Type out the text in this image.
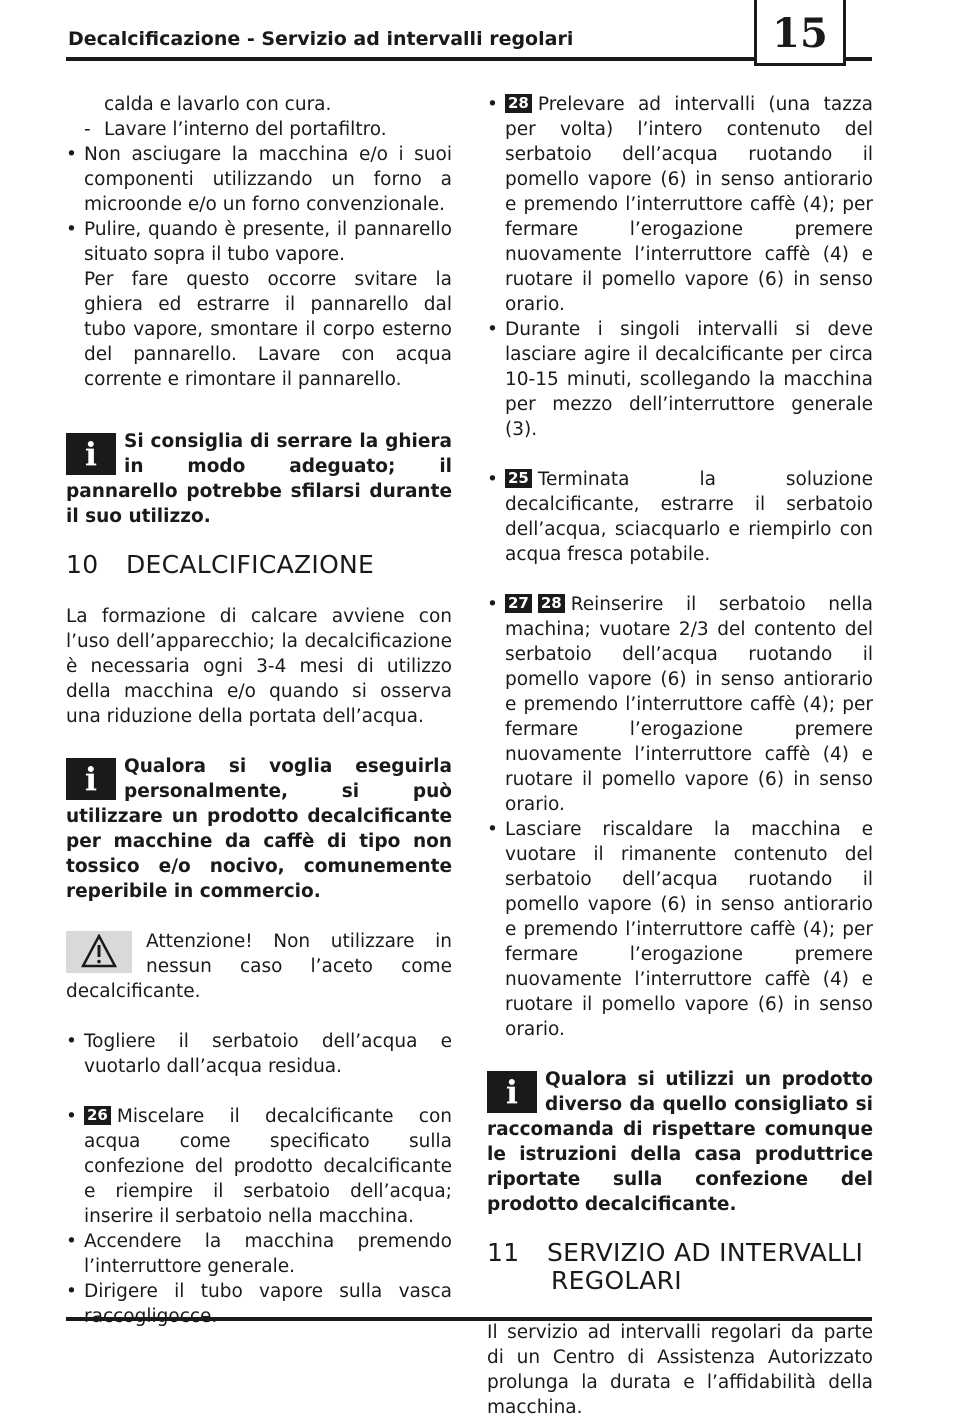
Decalcificazione - Servizio ad intervalli regolari	15

calda e lavarlo con cura.

- Lavare l’interno del portafiltro.

• Non asciugare la macchina e/o i suoi componenti utilizzando un forno a microonde e/o un forno convenzionale.

• Pulire, quando è presente, il pannarello situato sopra il tubo vapore.

Per fare questo occorre svitare la ghiera ed estrarre il pannarello dal tubo vapore, smontare il corpo esterno del pannarello. Lavare con acqua corrente e rimontare il pannarello.

i	Si consiglia di serrare la ghiera in modo adeguato; il pannarello potrebbe sfilarsi durante il suo utilizzo.

10 DECALCIFICAZIONE

La formazione di calcare avviene con l’uso dell’apparecchio; la decalcificazione è necessaria ogni 3-4 mesi di utilizzo della macchina e/o quando si osserva una riduzione della portata dell’acqua.

i	Qualora si voglia eseguirla personalmente, si può utilizzare un prodotto decalcificante per macchine da caffè di tipo non tossico e/o nocivo, comunemente reperibile in commercio.

Attenzione! Non utilizzare in nessun caso l’aceto come decalcificante.

• Togliere il serbatoio dell’acqua e vuotarlo dall’acqua residua.

• 26 Miscelare il decalcificante con acqua come specificato sulla confezione del prodotto decalcificante e riempire il serbatoio dell’acqua; inserire il serbatoio nella macchina.

• Accendere la macchina premendo l’interruttore generale.

• Dirigere il tubo vapore sulla vasca

• 28 Prelevare ad intervalli (una tazza per volta) l’intero contenuto del serbatoio dell’acqua ruotando il pomello vapore (6) in senso antiorario e premendo l’interruttore caffè (4); per fermare l’erogazione premere nuovamente l’interruttore caffè (4) e ruotare il pomello vapore (6) in senso orario.

• Durante i singoli intervalli si deve lasciare agire il decalcificante per circa 10-15 minuti, scollegando la macchina per mezzo dell’interruttore generale (3).

• 25 Terminata la soluzione decalcificante, estrarre il serbatoio dell’acqua, sciacquarlo e riempirlo con acqua fresca potabile.

• 27 28 Reinserire il serbatoio nella machina; vuotare 2/3 del contento del serbatoio dell’acqua ruotando il pomello vapore (6) in senso antiorario e premendo l’interruttore caffè (4); per fermare l’erogazione premere nuovamente l’interruttore caffè (4) e ruotare il pomello vapore (6) in senso orario.

• Lasciare riscaldare la macchina e vuotare il rimanente contenuto del serbatoio dell’acqua ruotando il pomello vapore (6) in senso antiorario e premendo l’interruttore caffè (4); per fermare l’erogazione premere nuovamente l’interruttore caffè (4) e ruotare il pomello vapore (6) in senso orario.

i	Qualora si utilizzi un prodotto diverso da quello consigliato si raccomanda di rispettare comunque le istruzioni della casa produttrice riportate sulla confezione del prodotto decalcificante.

11 SERVIZIO AD INTERVALLI
REGOLARI

Il servizio ad intervalli regolari da parte di un Centro di Assistenza Autorizzato prolunga la durata e l’affidabilità della macchina.
